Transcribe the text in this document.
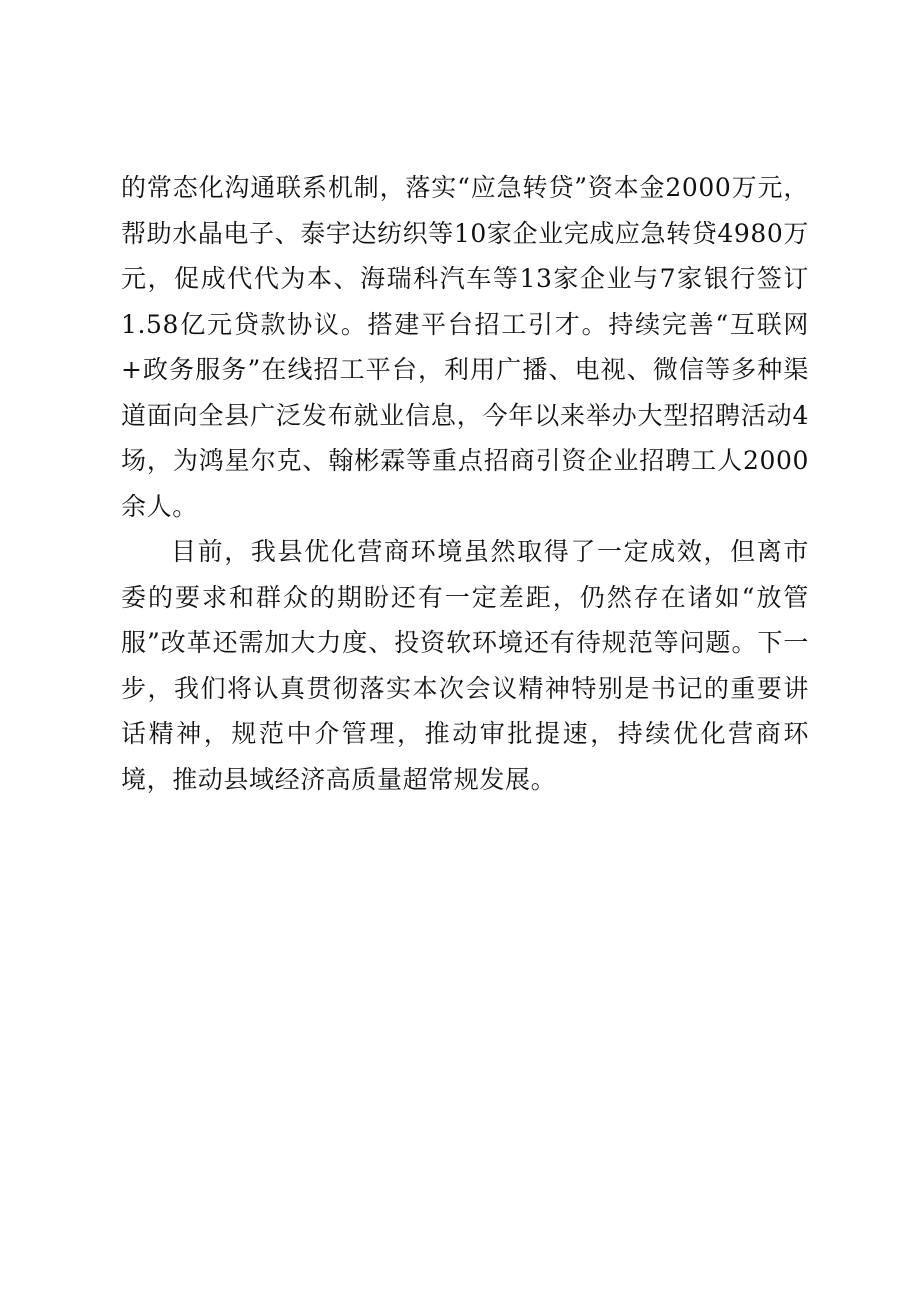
的常态化沟通联系机制，落实“应急转贷”资本金2000万元，帮助水晶电子、泰宇达纺织等10家企业完成应急转贷4980万元，促成代代为本、海瑞科汽车等13家企业与7家银行签订1.58亿元贷款协议。搭建平台招工引才。持续完善“互联网+政务服务”在线招工平台，利用广播、电视、微信等多种渠道面向全县广泛发布就业信息，今年以来举办大型招聘活动4场，为鸿星尔克、翰彬霖等重点招商引资企业招聘工人2000余人。

目前，我县优化营商环境虽然取得了一定成效，但离市委的要求和群众的期盼还有一定差距，仍然存在诸如“放管服”改革还需加大力度、投资软环境还有待规范等问题。下一步，我们将认真贯彻落实本次会议精神特别是书记的重要讲话精神，规范中介管理，推动审批提速，持续优化营商环境，推动县域经济高质量超常规发展。
